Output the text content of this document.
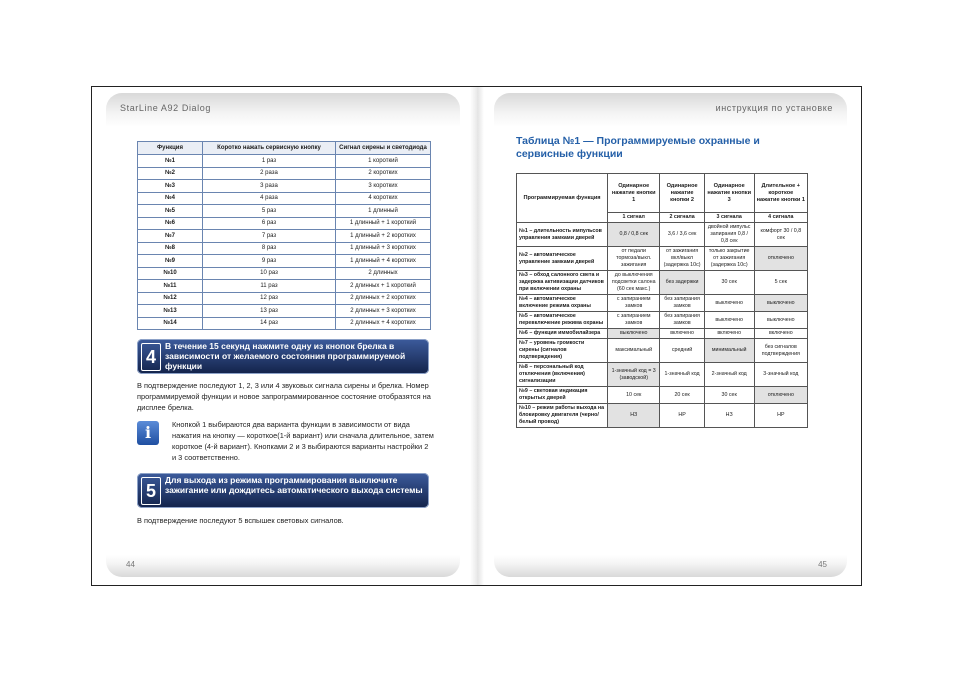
StarLine A92 Dialog
Функция	Коротко нажать сервисную кнопку	Сигнал сирены и светодиода
№1	1 раз	1 короткий
№2	2 раза	2 коротких
№3	3 раза	3 коротких
№4	4 раза	4 коротких
№5	5 раз	1 длинный
№6	6 раз	1 длинный + 1 короткий
№7	7 раз	1 длинный + 2 коротких
№8	8 раз	1 длинный + 3 коротких
№9	9 раз	1 длинный + 4 коротких
№10	10 раз	2 длинных
№11	11 раз	2 длинных + 1 короткий
№12	12 раз	2 длинных + 2 коротких
№13	13 раз	2 длинных + 3 коротких
№14	14 раз	2 длинных + 4 коротких
4
В течение 15 секунд нажмите одну из кнопок брелка в зависимости от желаемого состояния программируемой функции
В подтверждение последуют 1, 2, 3 или 4 звуковых сигнала сирены и брелка. Номер программируемой функции и новое запрограммированное состояние отобразятся на дисплее брелка.
i	Кнопкой 1 выбираются два варианта функции в зависимости от вида нажатия на кнопку — короткое(1-й вариант) или сначала длительное, затем короткое (4-й вариант). Кнопками 2 и 3 выбираются варианты настройки 2 и 3 соответственно.
5
Для выхода из режима программирования выключите зажигание или дождитесь автоматического выхода системы
В подтверждение последуют 5 вспышек световых сигналов.
44
инструкция по установке
Таблица №1 — Программируемые охранные и сервисные функции
Программируемая функция	Одинарное нажатие кнопки 1	Одинарное нажатие кнопки 2	Одинарное нажатие кнопки 3	Длительное + короткое нажатие кнопки 1
	1 сигнал	2 сигнала	3 сигнала	4 сигнала
№1 – длительность импульсов управления замками дверей	0,8 / 0,8 сек	3,6 / 3,6 сек	двойной импульс запирания 0,8 / 0,8 сек	комфорт 30 / 0,8 сек
№2 – автоматическое управление замками дверей	от педали тормоза/выкл. зажигания	от зажигания вкл/выкл (задержка 10с)	только закрытие от зажигания (задержка 10с)	отключено
№3 – обход салонного света и задержка активизации датчиков при включении охраны	до выключения подсветки салона (60 сек макс.)	без задержки	30 сек	5 сек
№4 – автоматическое включение режима охраны	с запиранием замков	без запирания замков	выключено	выключено
№5 – автоматическое перевключение режима охраны	с запиранием замков	без запирания замков	выключено	выключено
№6 – функция иммобилайзера	выключено	включено	включено	включено
№7 – уровень громкости сирены (сигналов подтверждения)	максимальный	средний	минимальный	без сигналов подтверждения
№8 – персональный код отключения (включения) сигнализации	1-значный код = 3 (заводской)	1-значный код	2-значный код	3-значный код
№9 – световая индикация открытых дверей	10 сек	20 сек	30 сек	отключено
№10 – режим работы выхода на блокировку двигателя (черно/белый провод)	НЗ	НР	НЗ	НР
45
